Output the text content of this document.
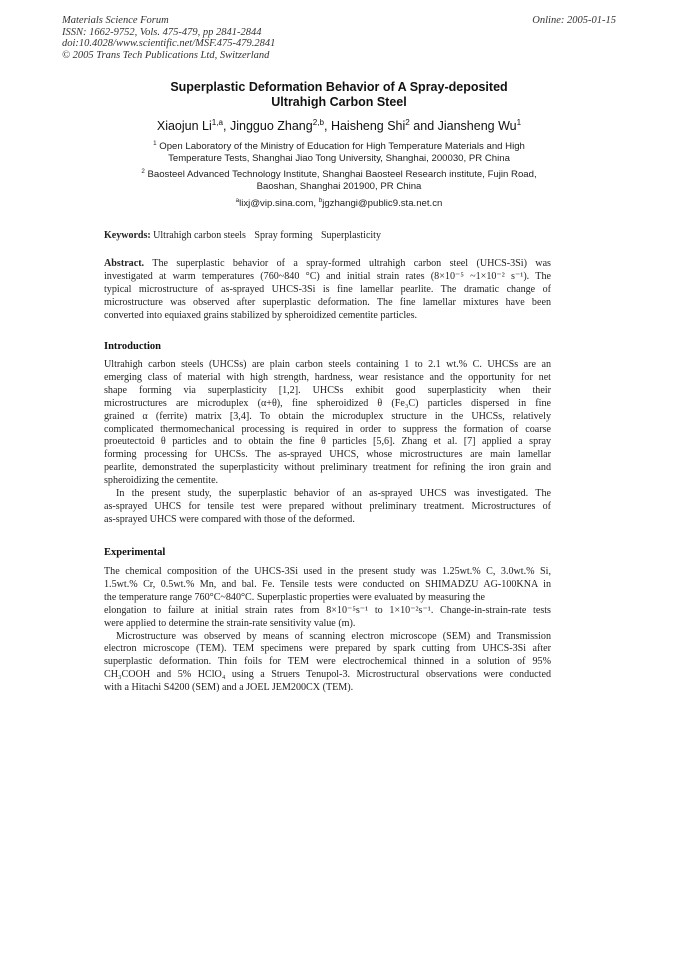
Materials Science Forum
ISSN: 1662-9752, Vols. 475-479, pp 2841-2844
doi:10.4028/www.scientific.net/MSF.475-479.2841
© 2005 Trans Tech Publications Ltd, Switzerland
Online: 2005-01-15
Superplastic Deformation Behavior of A Spray-deposited
Ultrahigh Carbon Steel
Xiaojun Li$^{1,a}$, Jingguo Zhang$^{2,b}$, Haisheng Shi$^2$ and Jiansheng Wu$^1$
$^1$ Open Laboratory of the Ministry of Education for High Temperature Materials and High
Temperature Tests, Shanghai Jiao Tong University, Shanghai, 200030, PR China
$^2$ Baosteel Advanced Technology Institute, Shanghai Baosteel Research institute, Fujin Road,
Baoshan, Shanghai 201900, PR China
$^a$lixj@vip.sina.com, $^b$jgzhangi@public9.sta.net.cn
Keywords: Ultrahigh carbon steels Spray forming Superplasticity
Abstract. The superplastic behavior of a spray-formed ultrahigh carbon steel (UHCS-3Si) was
investigated at warm temperatures (760~840 °C) and initial strain rates (8×10⁻⁵ ~1×10⁻² s⁻¹). The
typical microstructure of as-sprayed UHCS-3Si is fine lamellar pearlite. The dramatic change of
microstructure was observed after superplastic deformation. The fine lamellar mixtures have been
converted into equiaxed grains stabilized by spheroidized cementite particles.
Introduction
Ultrahigh carbon steels (UHCSs) are plain carbon steels containing 1 to 2.1 wt.% C. UHCSs are an
emerging class of material with high strength, hardness, wear resistance and the opportunity for net
shape forming via superplasticity [1,2]. UHCSs exhibit good superplasticity when their
microstructures are microduplex (α+θ), fine spheroidized θ (Fe₃C) particles dispersed in fine
grained α (ferrite) matrix [3,4]. To obtain the microduplex structure in the UHCSs, relatively
complicated thermomechanical processing is required in order to suppress the formation of coarse
proeutectoid θ particles and to obtain the fine θ particles [5,6]. Zhang et al. [7] applied a spray
forming processing for UHCSs. The as-sprayed UHCS, whose microstructures are main lamellar
pearlite, demonstrated the superplasticity without preliminary treatment for refining the iron grain and
spheroidizing the cementite.
In the present study, the superplastic behavior of an as-sprayed UHCS was investigated. The
as-sprayed UHCS for tensile test were prepared without preliminary treatment. Microstructures of
as-sprayed UHCS were compared with those of the deformed.
Experimental
The chemical composition of the UHCS-3Si used in the present study was 1.25wt.% C, 3.0wt.% Si,
1.5wt.% Cr, 0.5wt.% Mn, and bal. Fe. Tensile tests were conducted on SHIMADZU AG-100KNA in
the temperature range 760°C~840°C. Superplastic properties were evaluated by measuring the
elongation to failure at initial strain rates from 8×10⁻⁵s⁻¹ to 1×10⁻²s⁻¹. Change-in-strain-rate tests
were applied to determine the strain-rate sensitivity value (m).
Microstructure was observed by means of scanning electron microscope (SEM) and Transmission
electron microscope (TEM). TEM specimens were prepared by spark cutting from UHCS-3Si after
superplastic deformation. Thin foils for TEM were electrochemical thinned in a solution of 95%
CH₃COOH and 5% HClO₄ using a Struers Tenupol-3. Microstructural observations were conducted
with a Hitachi S4200 (SEM) and a JOEL JEM200CX (TEM).
